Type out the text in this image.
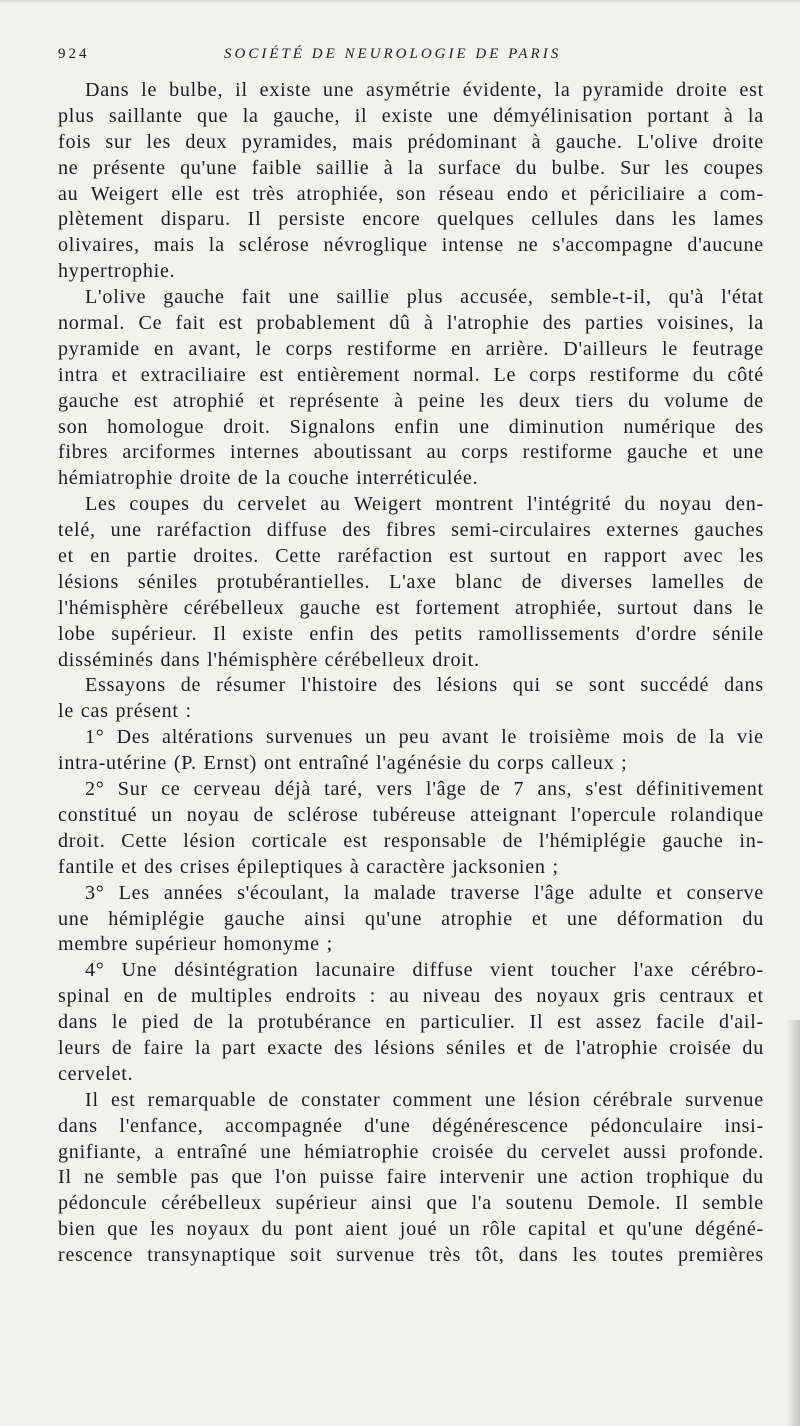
924	SOCIÉTÉ DE NEUROLOGIE DE PARIS
Dans le bulbe, il existe une asymétrie évidente, la pyramide droite est
plus saillante que la gauche, il existe une démyélinisation portant à la
fois sur les deux pyramides, mais prédominant à gauche. L'olive droite
ne présente qu'une faible saillie à la surface du bulbe. Sur les coupes
au Weigert elle est très atrophiée, son réseau endo et périciliaire a com-
plètement disparu. Il persiste encore quelques cellules dans les lames
olivaires, mais la sclérose névroglique intense ne s'accompagne d'aucune
hypertrophie.
L'olive gauche fait une saillie plus accusée, semble-t-il, qu'à l'état
normal. Ce fait est probablement dû à l'atrophie des parties voisines, la
pyramide en avant, le corps restiforme en arrière. D'ailleurs le feutrage
intra et extraciliaire est entièrement normal. Le corps restiforme du côté
gauche est atrophié et représente à peine les deux tiers du volume de
son homologue droit. Signalons enfin une diminution numérique des
fibres arciformes internes aboutissant au corps restiforme gauche et une
hémiatrophie droite de la couche interréticulée.
Les coupes du cervelet au Weigert montrent l'intégrité du noyau den-
telé, une raréfaction diffuse des fibres semi-circulaires externes gauches
et en partie droites. Cette raréfaction est surtout en rapport avec les
lésions séniles protubérantielles. L'axe blanc de diverses lamelles de
l'hémisphère cérébelleux gauche est fortement atrophiée, surtout dans le
lobe supérieur. Il existe enfin des petits ramollissements d'ordre sénile
disséminés dans l'hémisphère cérébelleux droit.
Essayons de résumer l'histoire des lésions qui se sont succédé dans
le cas présent :
1° Des altérations survenues un peu avant le troisième mois de la vie
intra-utérine (P. Ernst) ont entraîné l'agénésie du corps calleux ;
2° Sur ce cerveau déjà taré, vers l'âge de 7 ans, s'est définitivement
constitué un noyau de sclérose tubéreuse atteignant l'opercule rolandique
droit. Cette lésion corticale est responsable de l'hémiplégie gauche in-
fantile et des crises épileptiques à caractère jacksonien ;
3° Les années s'écoulant, la malade traverse l'âge adulte et conserve
une hémiplégie gauche ainsi qu'une atrophie et une déformation du
membre supérieur homonyme ;
4° Une désintégration lacunaire diffuse vient toucher l'axe cérébro-
spinal en de multiples endroits : au niveau des noyaux gris centraux et
dans le pied de la protubérance en particulier. Il est assez facile d'ail-
leurs de faire la part exacte des lésions séniles et de l'atrophie croisée du
cervelet.
Il est remarquable de constater comment une lésion cérébrale survenue
dans l'enfance, accompagnée d'une dégénérescence pédonculaire insi-
gnifiante, a entraîné une hémiatrophie croisée du cervelet aussi profonde.
Il ne semble pas que l'on puisse faire intervenir une action trophique du
pédoncule cérébelleux supérieur ainsi que l'a soutenu Demole. Il semble
bien que les noyaux du pont aient joué un rôle capital et qu'une dégéné-
rescence transynaptique soit survenue très tôt, dans les toutes premières
